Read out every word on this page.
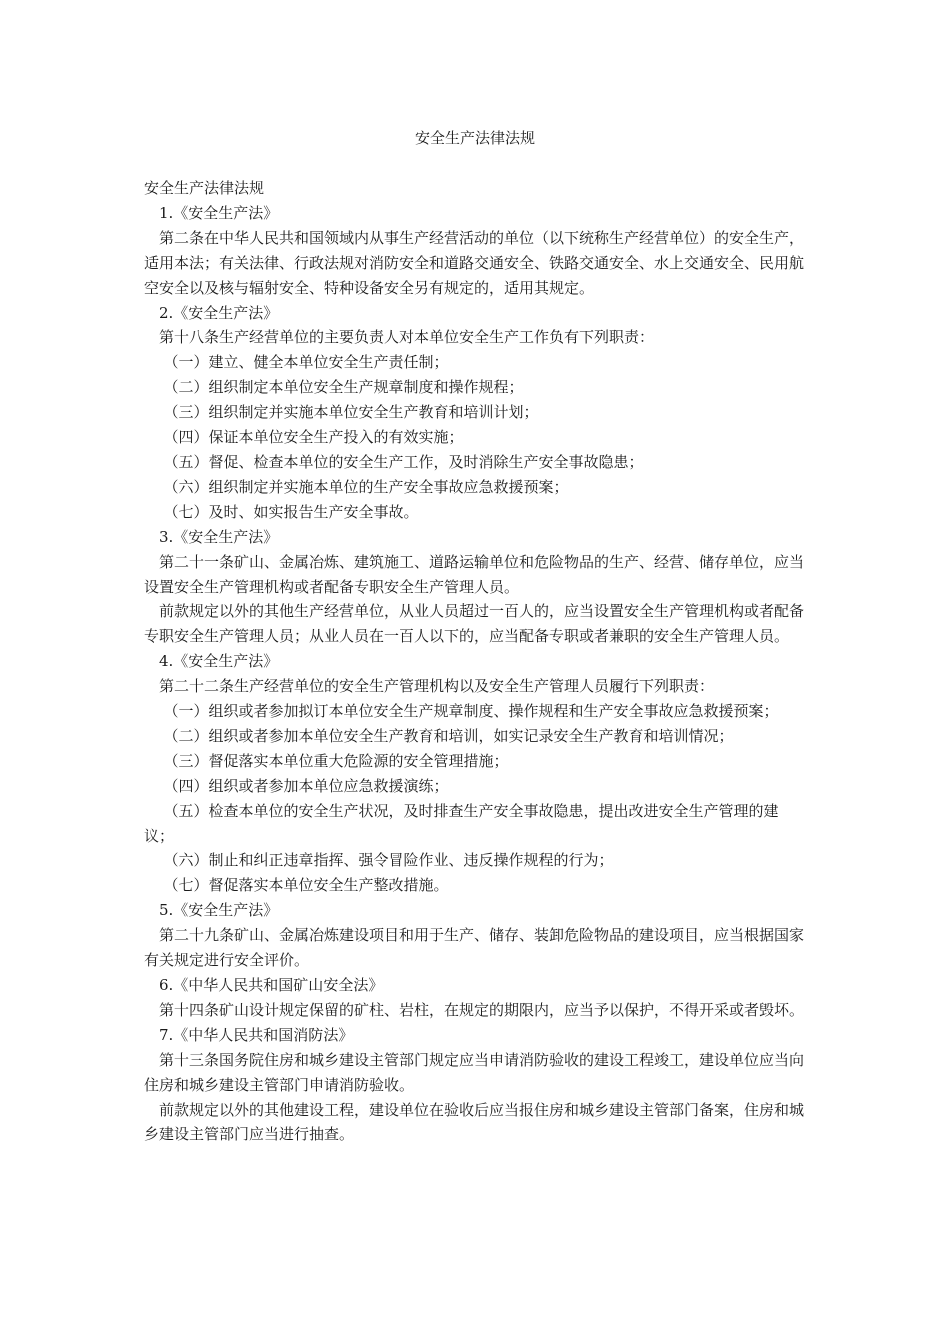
安全生产法律法规

安全生产法律法规

1.《安全生产法》

第二条在中华人民共和国领域内从事生产经营活动的单位（以下统称生产经营单位）的安全生产，适用本法；有关法律、行政法规对消防安全和道路交通安全、铁路交通安全、水上交通安全、民用航空安全以及核与辐射安全、特种设备安全另有规定的，适用其规定。

2.《安全生产法》

第十八条生产经营单位的主要负责人对本单位安全生产工作负有下列职责：

（一）建立、健全本单位安全生产责任制；

（二）组织制定本单位安全生产规章制度和操作规程；

（三）组织制定并实施本单位安全生产教育和培训计划；

（四）保证本单位安全生产投入的有效实施；

（五）督促、检查本单位的安全生产工作，及时消除生产安全事故隐患；

（六）组织制定并实施本单位的生产安全事故应急救援预案；

（七）及时、如实报告生产安全事故。

3.《安全生产法》

第二十一条矿山、金属冶炼、建筑施工、道路运输单位和危险物品的生产、经营、储存单位，应当设置安全生产管理机构或者配备专职安全生产管理人员。

前款规定以外的其他生产经营单位，从业人员超过一百人的，应当设置安全生产管理机构或者配备专职安全生产管理人员；从业人员在一百人以下的，应当配备专职或者兼职的安全生产管理人员。

4.《安全生产法》

第二十二条生产经营单位的安全生产管理机构以及安全生产管理人员履行下列职责：

（一）组织或者参加拟订本单位安全生产规章制度、操作规程和生产安全事故应急救援预案；

（二）组织或者参加本单位安全生产教育和培训，如实记录安全生产教育和培训情况；

（三）督促落实本单位重大危险源的安全管理措施；

（四）组织或者参加本单位应急救援演练；

（五）检查本单位的安全生产状况，及时排查生产安全事故隐患，提出改进安全生产管理的建议；

（六）制止和纠正违章指挥、强令冒险作业、违反操作规程的行为；

（七）督促落实本单位安全生产整改措施。

5.《安全生产法》

第二十九条矿山、金属冶炼建设项目和用于生产、储存、装卸危险物品的建设项目，应当根据国家有关规定进行安全评价。

6.《中华人民共和国矿山安全法》

第十四条矿山设计规定保留的矿柱、岩柱，在规定的期限内，应当予以保护，不得开采或者毁坏。

7.《中华人民共和国消防法》

第十三条国务院住房和城乡建设主管部门规定应当申请消防验收的建设工程竣工，建设单位应当向住房和城乡建设主管部门申请消防验收。

前款规定以外的其他建设工程，建设单位在验收后应当报住房和城乡建设主管部门备案，住房和城乡建设主管部门应当进行抽查。
